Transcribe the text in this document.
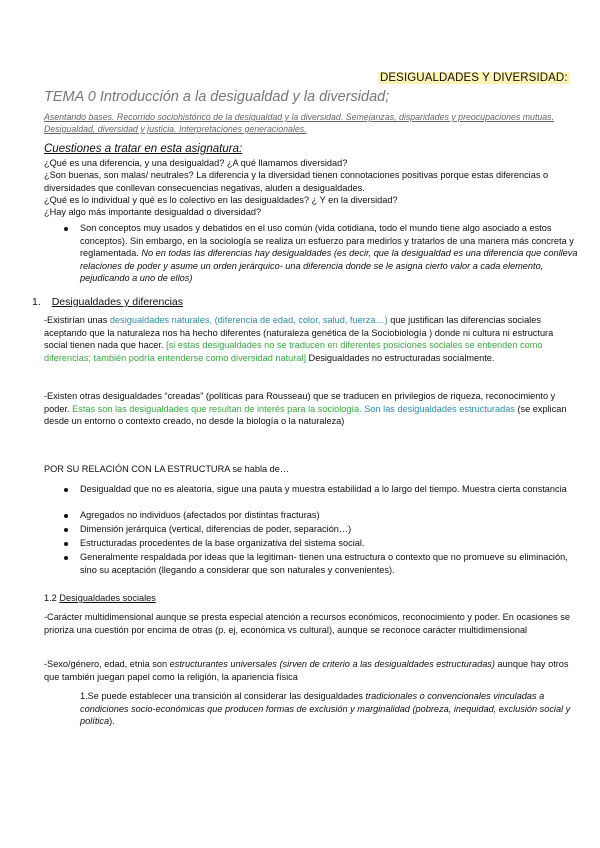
DESIGUALDADES Y DIVERSIDAD:
TEMA 0 Introducción a la desigualdad y la diversidad;
Asentando bases. Recorrido sociohistórico de la desigualdad y la diversidad. Semejanzas, disparidades y preocupaciones mutuas. Desigualdad, diversidad y justicia. Interpretaciones generacionales.
Cuestiones a tratar en esta asignatura:
¿Qué es una diferencia, y una desigualdad? ¿A qué llamamos diversidad?
¿Son buenas, son malas/ neutrales? La diferencia y la diversidad tienen connotaciones positivas porque estas diferencias o diversidades que conllevan consecuencias negativas, aluden a desigualdades.
¿Qué es lo individual y qué es lo colectivo en las desigualdades? ¿ Y en la diversidad?
¿Hay algo más importante desigualdad o diversidad?
Son conceptos muy usados y debatidos en el uso común (vida cotidiana, todo el mundo tiene algo asociado a estos conceptos). Sin embargo, en la sociología se realiza un esfuerzo para medirlos y tratarlos de una manera más concreta y reglamentada. No en todas las diferencias hay desigualdades (es decir, que la desigualdad es una diferencia que conlleva relaciones de poder y asume un orden jerárquico- una diferencia donde se le asigna cierto valor a cada elemento, pejudicando a uno de ellos)
1. Desigualdades y diferencias
-Existirían unas desigualdades naturales, (diferencia de edad, color, salud, fuerza…) que justifican las diferencias sociales aceptando que la naturaleza nos ha hecho diferentes (naturaleza genética de la Sociobiología ) donde ni cultura ni estructura social tienen nada que hacer. [si estas desigualdades no se traducen en diferentes posiciones sociales se entienden como diferencias; también podría entenderse como diversidad natural] Desigualdades no estructuradas socialmente.
-Existen otras desigualdades “creadas” (políticas para Rousseau) que se traducen en privilegios de riqueza, reconocimiento y poder. Estas son las desigualdades que resultan de interés para la sociología. Son las desigualdades estructuradas (se explican desde un entorno o contexto creado, no desde la biología o la naturaleza)
POR SU RELACIÓN CON LA ESTRUCTURA se habla de…
Desigualdad que no es aleatoria, sigue una pauta y muestra estabilidad a lo largo del tiempo. Muestra cierta constancia
Agregados no individuos (afectados por distintas fracturas)
Dimensión jerárquica (vertical, diferencias de poder, separación…)
Estructuradas procedentes de la base organizativa del sistema social.
Generalmente respaldada por ideas que la legitiman- tienen una estructura o contexto que no promueve su eliminación, sino su aceptación (llegando a considerar que son naturales y convenientes).
1.2 Desigualdades sociales
-Carácter multidimensional aunque se presta especial atención a recursos económicos, reconocimiento y poder. En ocasiones se prioriza una cuestión por encima de otras (p. ej, económica vs cultural), aunque se reconoce carácter multidimensional
-Sexo/género, edad, etnia son estructurantes universales (sirven de criterio a las desigualdades estructuradas) aunque hay otros que también juegan papel como la religión, la apariencia física
1.Se puede establecer una transición al considerar las desigualdades tradicionales o convencionales vinculadas a condiciones socio-económicas que producen formas de exclusión y marginalidad (pobreza, inequidad, exclusión social y política).
